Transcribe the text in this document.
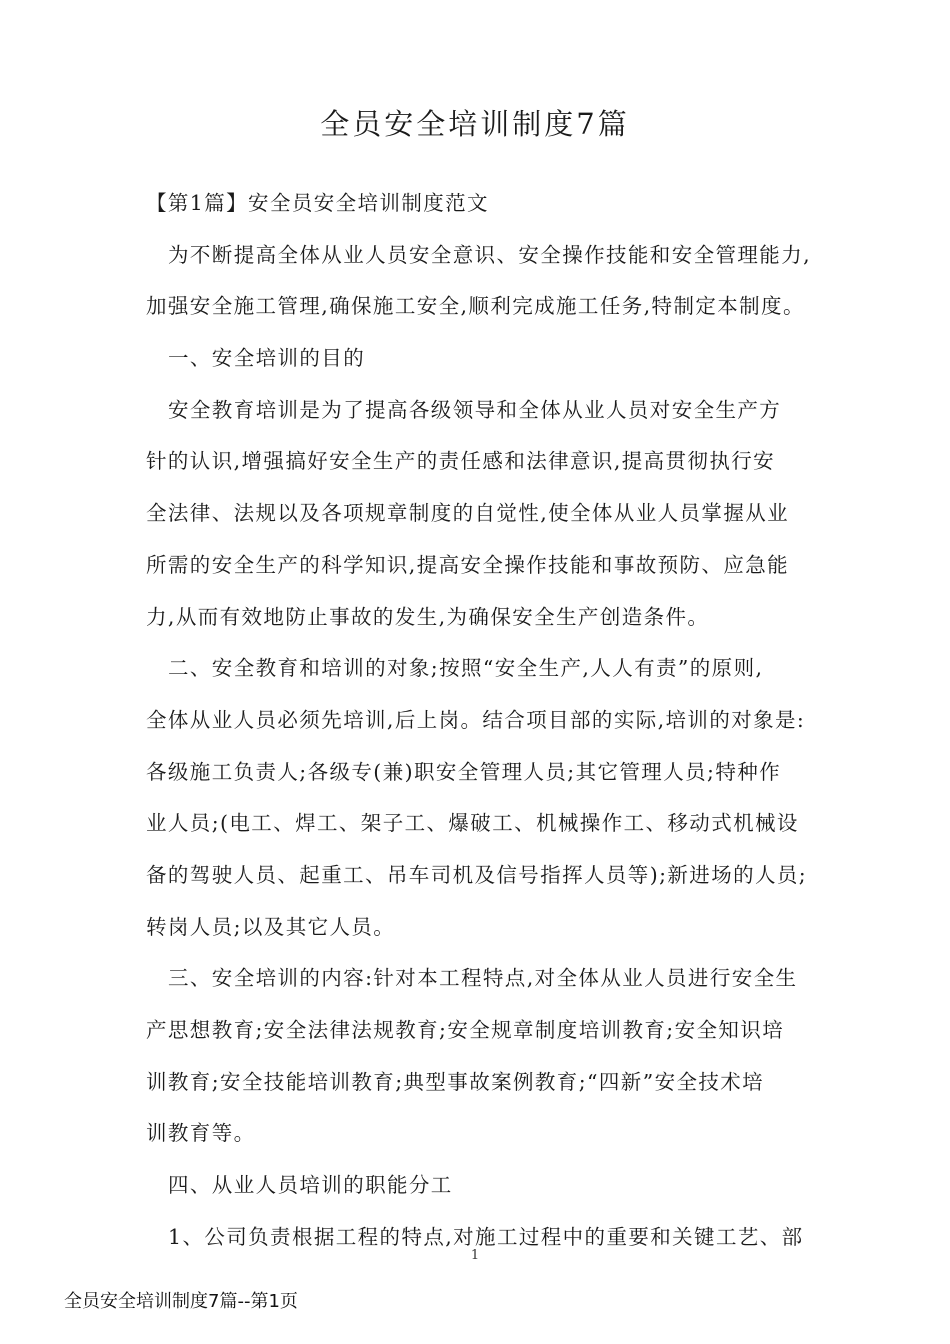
全员安全培训制度7篇
【第1篇】安全员安全培训制度范文
为不断提高全体从业人员安全意识、安全操作技能和安全管理能力,
加强安全施工管理,确保施工安全,顺利完成施工任务,特制定本制度。
一、安全培训的目的
安全教育培训是为了提高各级领导和全体从业人员对安全生产方
针的认识,增强搞好安全生产的责任感和法律意识,提高贯彻执行安
全法律、法规以及各项规章制度的自觉性,使全体从业人员掌握从业
所需的安全生产的科学知识,提高安全操作技能和事故预防、应急能
力,从而有效地防止事故的发生,为确保安全生产创造条件。
二、安全教育和培训的对象;按照“安全生产,人人有责”的原则,
全体从业人员必须先培训,后上岗。结合项目部的实际,培训的对象是:
各级施工负责人;各级专(兼)职安全管理人员;其它管理人员;特种作
业人员;(电工、焊工、架子工、爆破工、机械操作工、移动式机械设
备的驾驶人员、起重工、吊车司机及信号指挥人员等);新进场的人员;
转岗人员;以及其它人员。
三、安全培训的内容:针对本工程特点,对全体从业人员进行安全生
产思想教育;安全法律法规教育;安全规章制度培训教育;安全知识培
训教育;安全技能培训教育;典型事故案例教育;“四新”安全技术培
训教育等。
四、从业人员培训的职能分工
1、公司负责根据工程的特点,对施工过程中的重要和关键工艺、部
1
全员安全培训制度7篇--第1页
